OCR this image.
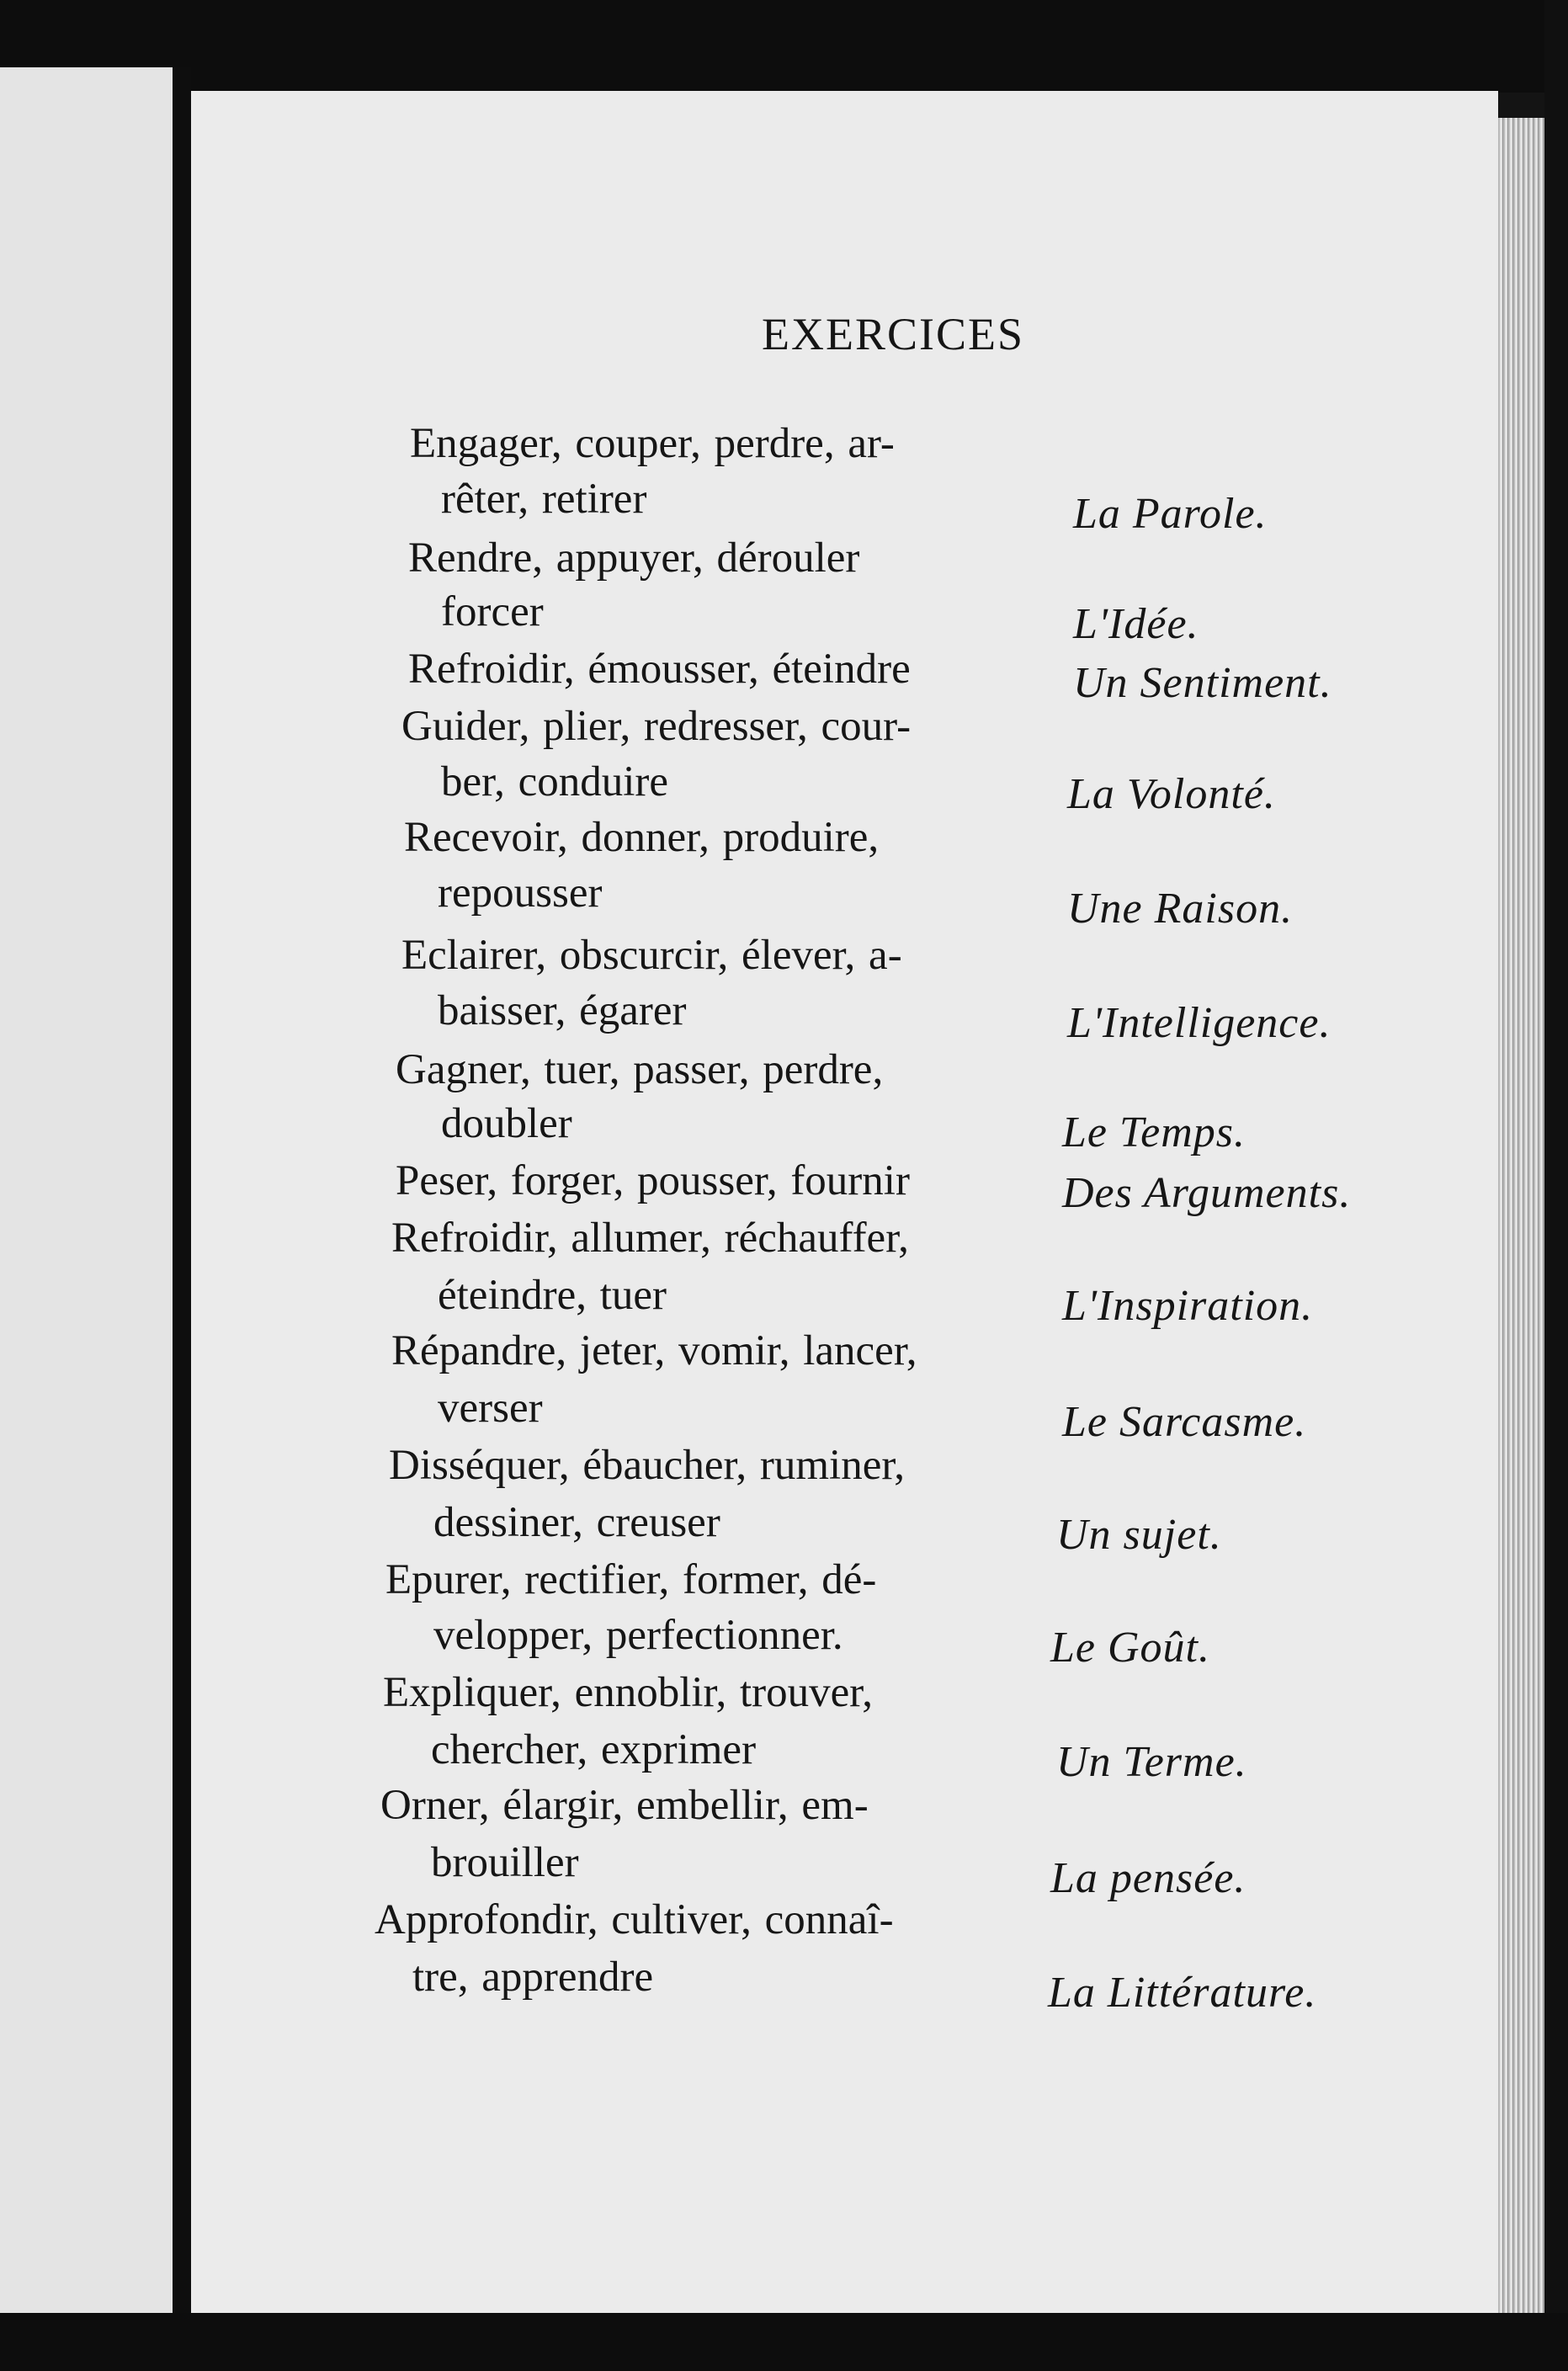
EXERCICES

Engager, couper, perdre, ar-

rêter, retirer	La Parole.

Rendre, appuyer, dérouler

forcer	L'Idée.

Refroidir, émousser, éteindre	Un Sentiment.

Guider, plier, redresser, cour-

ber, conduire	La Volonté.

Recevoir, donner, produire,

repousser	Une Raison.

Eclairer, obscurcir, élever, a-

baisser, égarer	L'Intelligence.

Gagner, tuer, passer, perdre,

doubler	Le Temps.

Peser, forger, pousser, fournir	Des Arguments.

Refroidir, allumer, réchauffer,

éteindre, tuer	L'Inspiration.

Répandre, jeter, vomir, lancer,

verser	Le Sarcasme.

Disséquer, ébaucher, ruminer,

dessiner, creuser	Un sujet.

Epurer, rectifier, former, dé-

velopper, perfectionner.	Le Goût.

Expliquer, ennoblir, trouver,

chercher, exprimer	Un Terme.

Orner, élargir, embellir, em-

brouiller	La pensée.

Approfondir, cultiver, connaî-

tre, apprendre	La Littérature.
